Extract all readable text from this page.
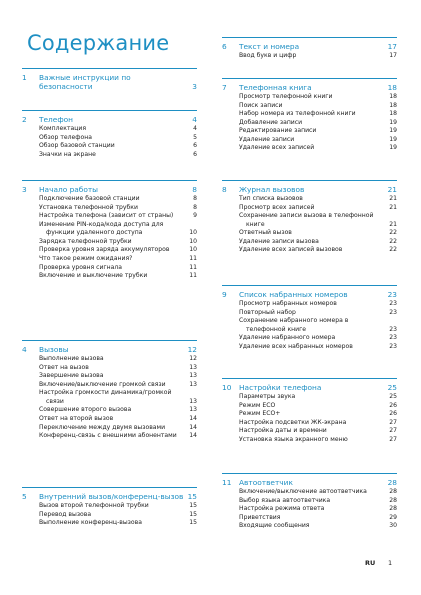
Содержание
1	Важные инструкции по безопасности	3
2	Телефон	4
Комплектация	4
Обзор телефона	5
Обзор базовой станции	6
Значки на экране	6
3	Начало работы	8
Подключение базовой станции	8
Установка телефонной трубки	8
Настройка телефона (зависит от страны)	9
Изменение PIN-кода/кода доступа для функции удаленного доступа	10
Зарядка телефонной трубки	10
Проверка уровня заряда аккумуляторов	10
Что такое режим ожидания?	11
Проверка уровня сигнала	11
Включение и выключение трубки	11
4	Вызовы	12
Выполнение вызова	12
Ответ на вызов	13
Завершение вызова	13
Включение/выключение громкой связи	13
Настройка громкости динамика/громкой связи	13
Совершение второго вызова	13
Ответ на второй вызов	14
Переключение между двумя вызовами	14
Конференц-связь с внешними абонентами	14
5	Внутренний вызов/конференц-вызов 15
Вызов второй телефонной трубки	15
Перевод вызова	15
Выполнение конференц-вызова	15
6	Текст и номера	17
Ввод букв и цифр	17
7	Телефонная книга	18
Просмотр телефонной книги	18
Поиск записи	18
Набор номера из телефонной книги	18
Добавление записи	19
Редактирование записи	19
Удаление записи	19
Удаление всех записей	19
8	Журнал вызовов	21
Тип списка вызовов	21
Просмотр всех записей	21
Сохранение записи вызова в телефонной книге	21
Ответный вызов	22
Удаление записи вызова	22
Удаление всех записей вызовов	22
9	Список набранных номеров	23
Просмотр набранных номеров	23
Повторный набор	23
Сохранение набранного номера в телефонной книге	23
Удаление набранного номера	23
Удаление всех набранных номеров	23
10	Настройки телефона	25
Параметры звука	25
Режим ECO	26
Режим ECO+	26
Настройка подсветки ЖК-экрана	27
Настройка даты и времени	27
Установка языка экранного меню	27
11	Автоответчик	28
Включение/выключение автоответчика	28
Выбор языка автоответчика	28
Настройка режима ответа	28
Приветствия	29
Входящие сообщения	30
RU 1
